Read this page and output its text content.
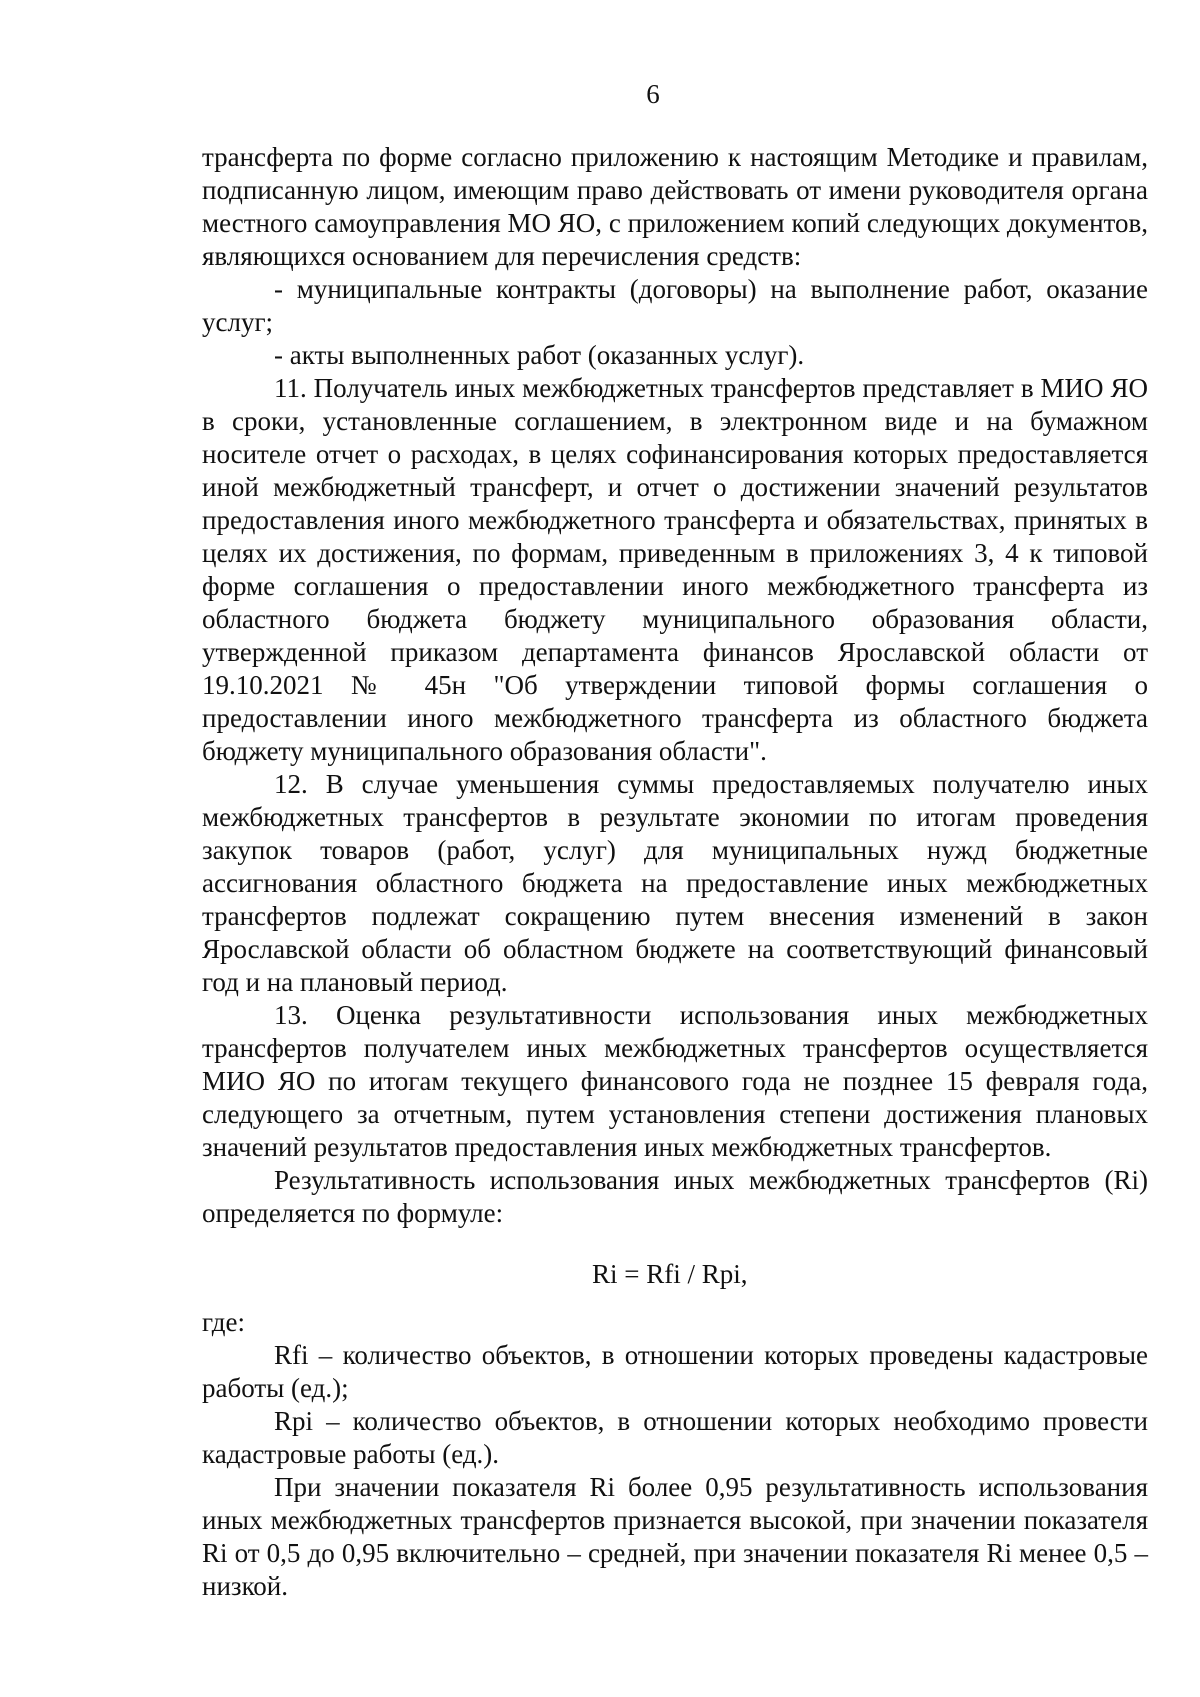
6

трансферта по форме согласно приложению к настоящим Методике и правилам, подписанную лицом, имеющим право действовать от имени руководителя органа местного самоуправления МО ЯО, с приложением копий следующих документов, являющихся основанием для перечисления средств:

- муниципальные контракты (договоры) на выполнение работ, оказание услуг;

- акты выполненных работ (оказанных услуг).

11. Получатель иных межбюджетных трансфертов представляет в МИО ЯО в сроки, установленные соглашением, в электронном виде и на бумажном носителе отчет о расходах, в целях софинансирования которых предоставляется иной межбюджетный трансферт, и отчет о достижении значений результатов предоставления иного межбюджетного трансферта и обязательствах, принятых в целях их достижения, по формам, приведенным в приложениях 3, 4 к типовой форме соглашения о предоставлении иного межбюджетного трансферта из областного бюджета бюджету муниципального образования области, утвержденной приказом департамента финансов Ярославской области от 19.10.2021 № 45н "Об утверждении типовой формы соглашения о предоставлении иного межбюджетного трансферта из областного бюджета бюджету муниципального образования области".

12. В случае уменьшения суммы предоставляемых получателю иных межбюджетных трансфертов в результате экономии по итогам проведения закупок товаров (работ, услуг) для муниципальных нужд бюджетные ассигнования областного бюджета на предоставление иных межбюджетных трансфертов подлежат сокращению путем внесения изменений в закон Ярославской области об областном бюджете на соответствующий финансовый год и на плановый период.

13. Оценка результативности использования иных межбюджетных трансфертов получателем иных межбюджетных трансфертов осуществляется МИО ЯО по итогам текущего финансового года не позднее 15 февраля года, следующего за отчетным, путем установления степени достижения плановых значений результатов предоставления иных межбюджетных трансфертов.

Результативность использования иных межбюджетных трансфертов (Ri) определяется по формуле:

Ri = Rfi / Rpi,

где:

Rfi – количество объектов, в отношении которых проведены кадастровые работы (ед.);

Rpi – количество объектов, в отношении которых необходимо провести кадастровые работы (ед.).

При значении показателя Ri более 0,95 результативность использования иных межбюджетных трансфертов признается высокой, при значении показателя Ri от 0,5 до 0,95 включительно – средней, при значении показателя Ri менее 0,5 – низкой.
